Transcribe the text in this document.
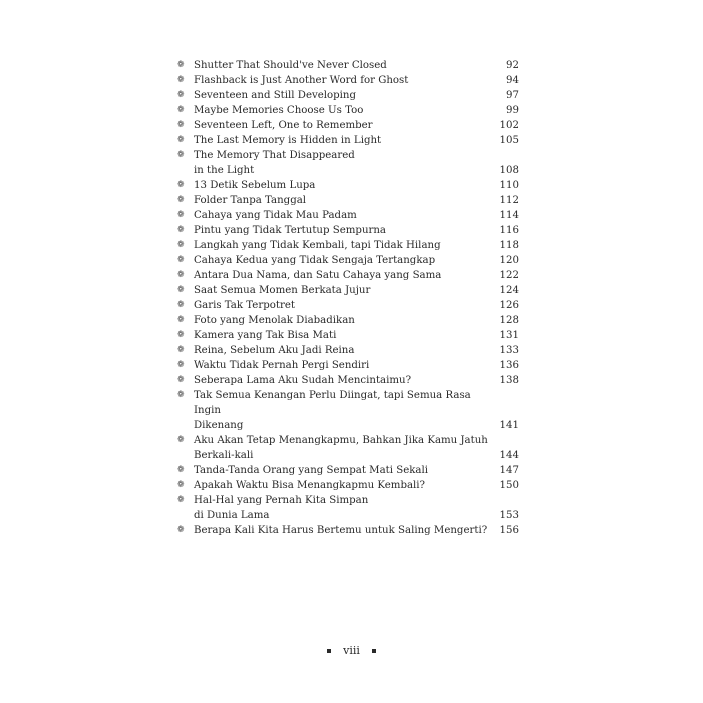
❁ Shutter That Should've Never Closed	92
❁ Flashback is Just Another Word for Ghost	94
❁ Seventeen and Still Developing	97
❁ Maybe Memories Choose Us Too	99
❁ Seventeen Left, One to Remember	102
❁ The Last Memory is Hidden in Light	105
❁ The Memory That Disappeared
in the Light	108
❁ 13 Detik Sebelum Lupa	110
❁ Folder Tanpa Tanggal	112
❁ Cahaya yang Tidak Mau Padam	114
❁ Pintu yang Tidak Tertutup Sempurna	116
❁ Langkah yang Tidak Kembali, tapi Tidak Hilang	118
❁ Cahaya Kedua yang Tidak Sengaja Tertangkap	120
❁ Antara Dua Nama, dan Satu Cahaya yang Sama	122
❁ Saat Semua Momen Berkata Jujur	124
❁ Garis Tak Terpotret	126
❁ Foto yang Menolak Diabadikan	128
❁ Kamera yang Tak Bisa Mati	131
❁ Reina, Sebelum Aku Jadi Reina	133
❁ Waktu Tidak Pernah Pergi Sendiri	136
❁ Seberapa Lama Aku Sudah Mencintaimu?	138
❁ Tak Semua Kenangan Perlu Diingat, tapi Semua Rasa Ingin
Dikenang	141
❁ Aku Akan Tetap Menangkapmu, Bahkan Jika Kamu Jatuh
Berkali-kali	144
❁ Tanda-Tanda Orang yang Sempat Mati Sekali	147
❁ Apakah Waktu Bisa Menangkapmu Kembali?	150
❁ Hal-Hal yang Pernah Kita Simpan
di Dunia Lama	153
❁ Berapa Kali Kita Harus Bertemu untuk Saling Mengerti?	156
viii
